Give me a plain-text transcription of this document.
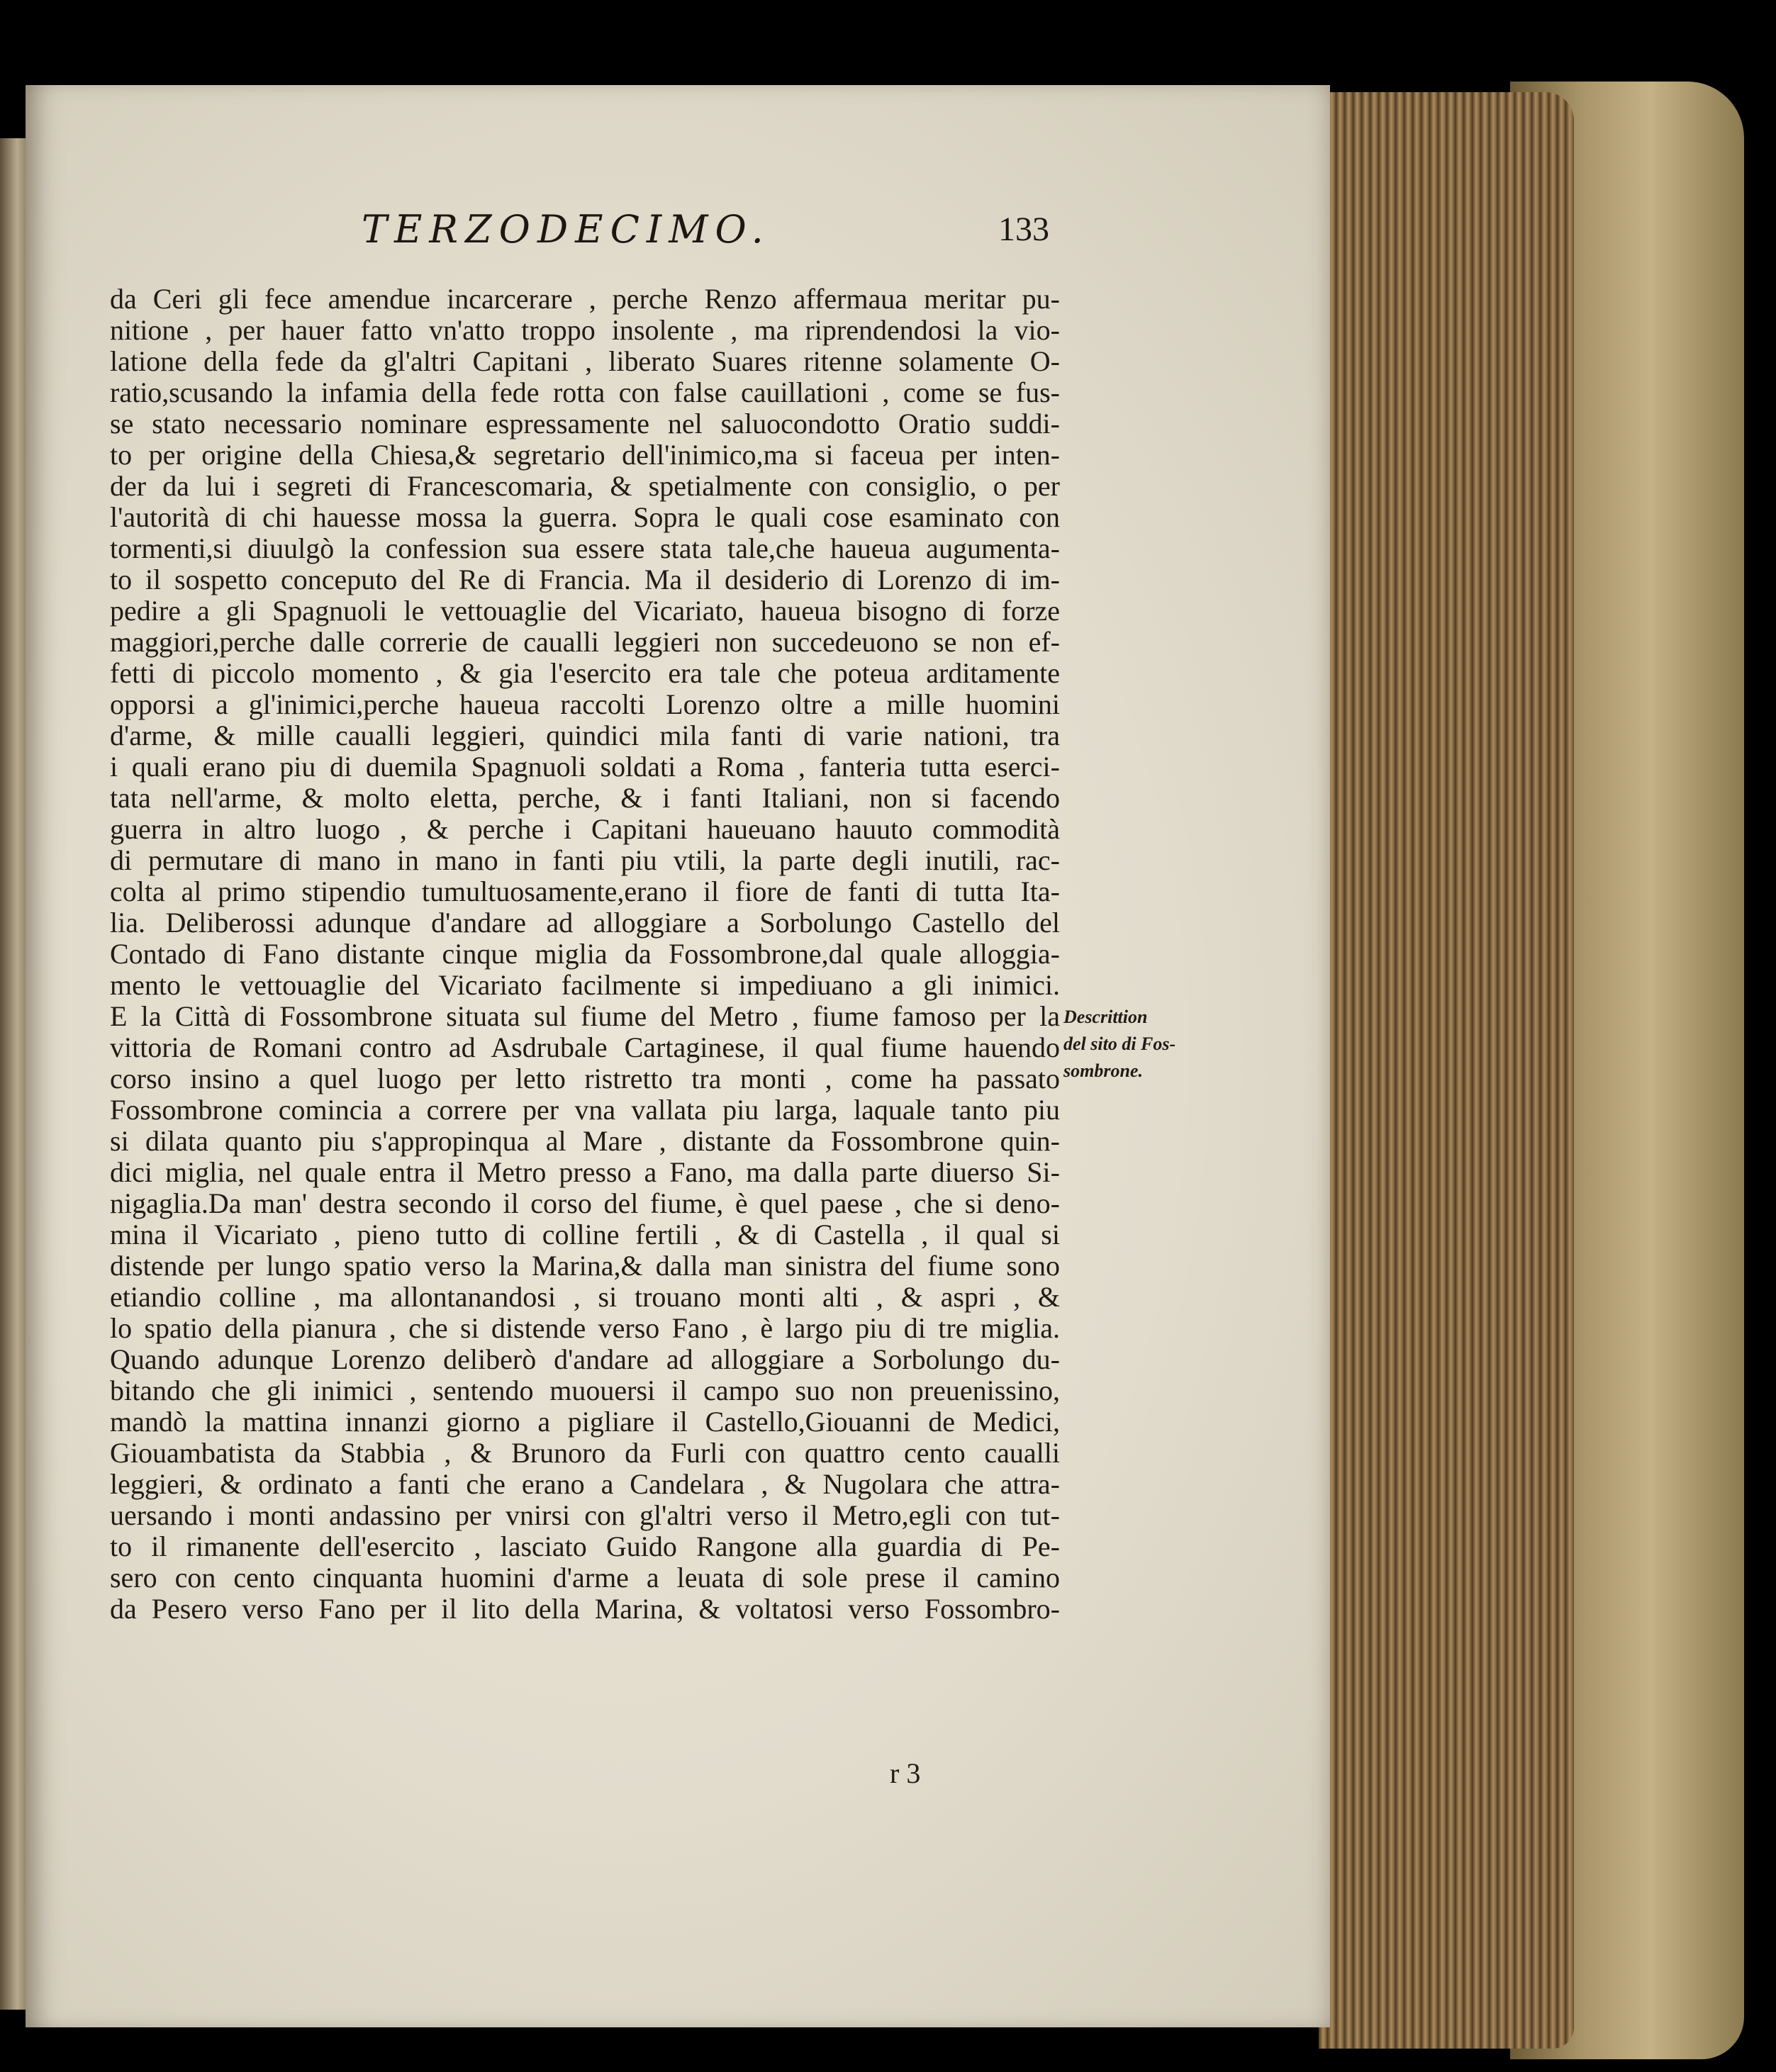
TERZODECIMO.	133
da Ceri gli fece amendue incarcerare , perche Renzo affermaua meritar pu-
nitione , per hauer fatto vn'atto troppo insolente , ma riprendendosi la vio-
latione della fede da gl'altri Capitani , liberato Suares ritenne solamente O-
ratio,scusando la infamia della fede rotta con false cauillationi , come se fus-
se stato necessario nominare espressamente nel saluocondotto Oratio suddi-
to per origine della Chiesa,& segretario dell'inimico,ma si faceua per inten-
der da lui i segreti di Francescomaria, & spetialmente con consiglio, o per
l'autorità di chi hauesse mossa la guerra. Sopra le quali cose esaminato con
tormenti,si diuulgò la confession sua essere stata tale,che haueua augumenta-
to il sospetto conceputo del Re di Francia. Ma il desiderio di Lorenzo di im-
pedire a gli Spagnuoli le vettouaglie del Vicariato, haueua bisogno di forze
maggiori,perche dalle correrie de caualli leggieri non succedeuono se non ef-
fetti di piccolo momento , & gia l'esercito era tale che poteua arditamente
opporsi a gl'inimici,perche haueua raccolti Lorenzo oltre a mille huomini
d'arme, & mille caualli leggieri, quindici mila fanti di varie nationi, tra
i quali erano piu di duemila Spagnuoli soldati a Roma , fanteria tutta eserci-
tata nell'arme, & molto eletta, perche, & i fanti Italiani, non si facendo
guerra in altro luogo , & perche i Capitani haueuano hauuto commodità
di permutare di mano in mano in fanti piu vtili, la parte degli inutili, rac-
colta al primo stipendio tumultuosamente,erano il fiore de fanti di tutta Ita-
lia. Deliberossi adunque d'andare ad alloggiare a Sorbolungo Castello del
Contado di Fano distante cinque miglia da Fossombrone,dal quale alloggia-
mento le vettouaglie del Vicariato facilmente si impediuano a gli inimici.
E la Città di Fossombrone situata sul fiume del Metro , fiume famoso per la
vittoria de Romani contro ad Asdrubale Cartaginese, il qual fiume hauendo
corso insino a quel luogo per letto ristretto tra monti , come ha passato
Fossombrone comincia a correre per vna vallata piu larga, laquale tanto piu
si dilata quanto piu s'appropinqua al Mare , distante da Fossombrone quin-
dici miglia, nel quale entra il Metro presso a Fano, ma dalla parte diuerso Si-
nigaglia.Da man' destra secondo il corso del fiume, è quel paese , che si deno-
mina il Vicariato , pieno tutto di colline fertili , & di Castella , il qual si
distende per lungo spatio verso la Marina,& dalla man sinistra del fiume sono
etiandio colline , ma allontanandosi , si trouano monti alti , & aspri , &
lo spatio della pianura , che si distende verso Fano , è largo piu di tre miglia.
Quando adunque Lorenzo deliberò d'andare ad alloggiare a Sorbolungo du-
bitando che gli inimici , sentendo muouersi il campo suo non preuenissino,
mandò la mattina innanzi giorno a pigliare il Castello,Giouanni de Medici,
Giouambatista da Stabbia , & Brunoro da Furli con quattro cento caualli
leggieri, & ordinato a fanti che erano a Candelara , & Nugolara che attra-
uersando i monti andassino per vnirsi con gl'altri verso il Metro,egli con tut-
to il rimanente dell'esercito , lasciato Guido Rangone alla guardia di Pe-
sero con cento cinquanta huomini d'arme a leuata di sole prese il camino
da Pesero verso Fano per il lito della Marina, & voltatosi verso Fossombro-
Descrittion
del sito di Fos-
sombrone.
r 3
